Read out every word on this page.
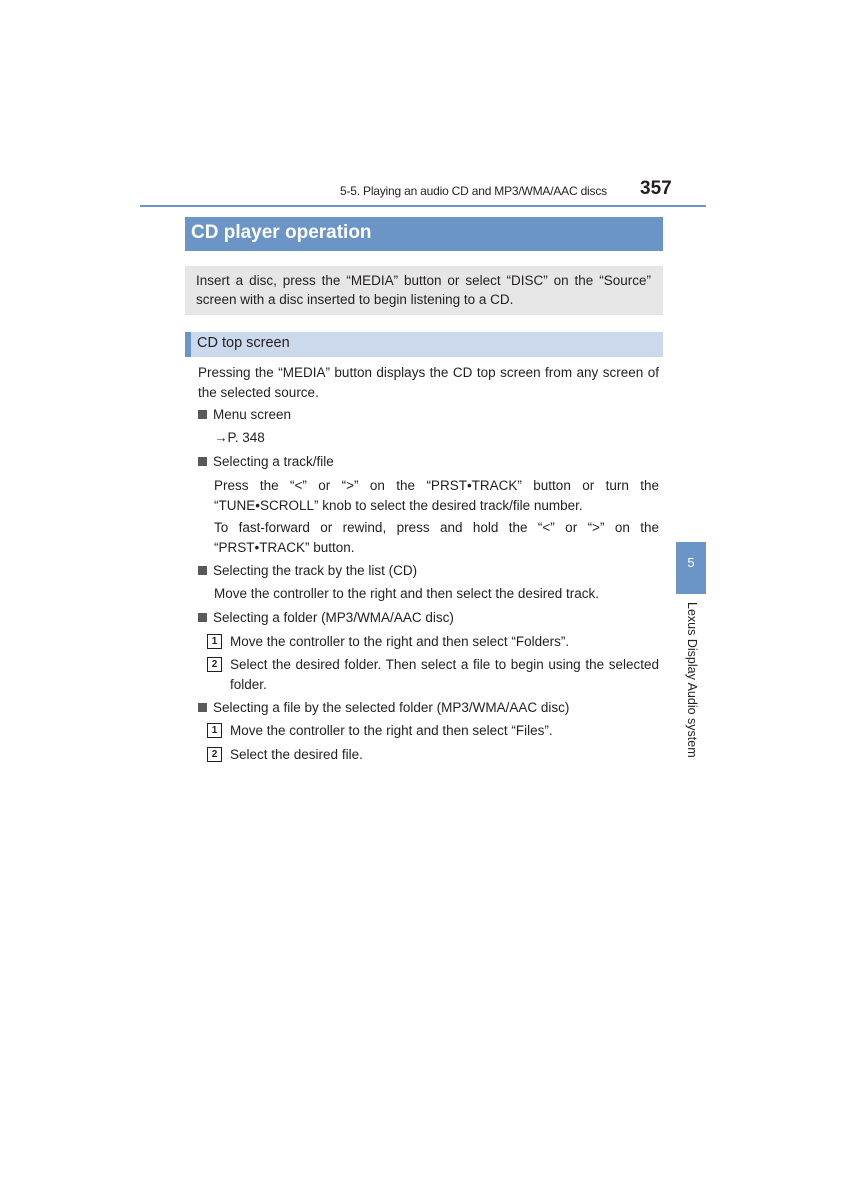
5-5. Playing an audio CD and MP3/WMA/AAC discs 357
CD player operation

Insert a disc, press the “MEDIA” button or select “DISC” on the “Source” screen with a disc inserted to begin listening to a CD.

CD top screen
Pressing the “MEDIA” button displays the CD top screen from any screen of the selected source.
Menu screen
→P. 348
Selecting a track/file
Press the “<” or “>” on the “PRST•TRACK” button or turn the “TUNE•SCROLL” knob to select the desired track/file number.
To fast-forward or rewind, press and hold the “<” or “>” on the “PRST•TRACK” button.
Selecting the track by the list (CD)
Move the controller to the right and then select the desired track.
Selecting a folder (MP3/WMA/AAC disc)
1 Move the controller to the right and then select “Folders”.
2 Select the desired folder. Then select a file to begin using the selected folder.
Selecting a file by the selected folder (MP3/WMA/AAC disc)
1 Move the controller to the right and then select “Files”.
2 Select the desired file.
5
Lexus Display Audio system
